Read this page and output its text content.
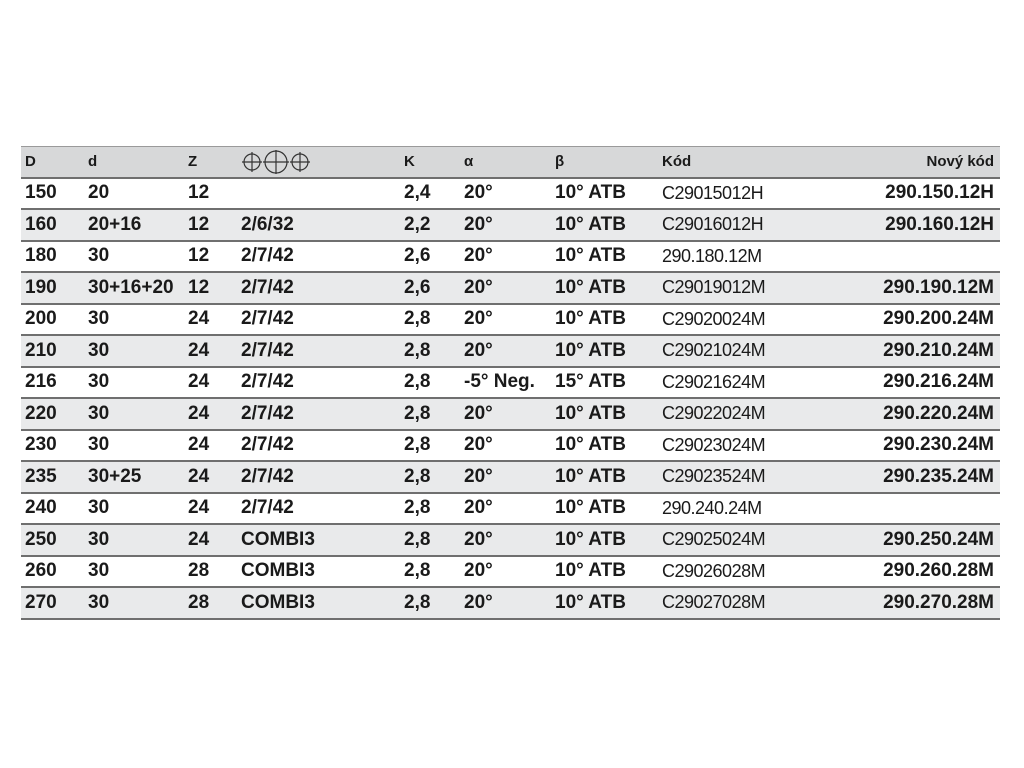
D	d	Z		K	α	β	Kód	Nový kód
150	20	12		2,4	20°	10° ATB	C29015012H	290.150.12H
160	20+16	12	2/6/32	2,2	20°	10° ATB	C29016012H	290.160.12H
180	30	12	2/7/42	2,6	20°	10° ATB	290.180.12M	
190	30+16+20	12	2/7/42	2,6	20°	10° ATB	C29019012M	290.190.12M
200	30	24	2/7/42	2,8	20°	10° ATB	C29020024M	290.200.24M
210	30	24	2/7/42	2,8	20°	10° ATB	C29021024M	290.210.24M
216	30	24	2/7/42	2,8	-5° Neg.	15° ATB	C29021624M	290.216.24M
220	30	24	2/7/42	2,8	20°	10° ATB	C29022024M	290.220.24M
230	30	24	2/7/42	2,8	20°	10° ATB	C29023024M	290.230.24M
235	30+25	24	2/7/42	2,8	20°	10° ATB	C29023524M	290.235.24M
240	30	24	2/7/42	2,8	20°	10° ATB	290.240.24M	
250	30	24	COMBI3	2,8	20°	10° ATB	C29025024M	290.250.24M
260	30	28	COMBI3	2,8	20°	10° ATB	C29026028M	290.260.28M
270	30	28	COMBI3	2,8	20°	10° ATB	C29027028M	290.270.28M
